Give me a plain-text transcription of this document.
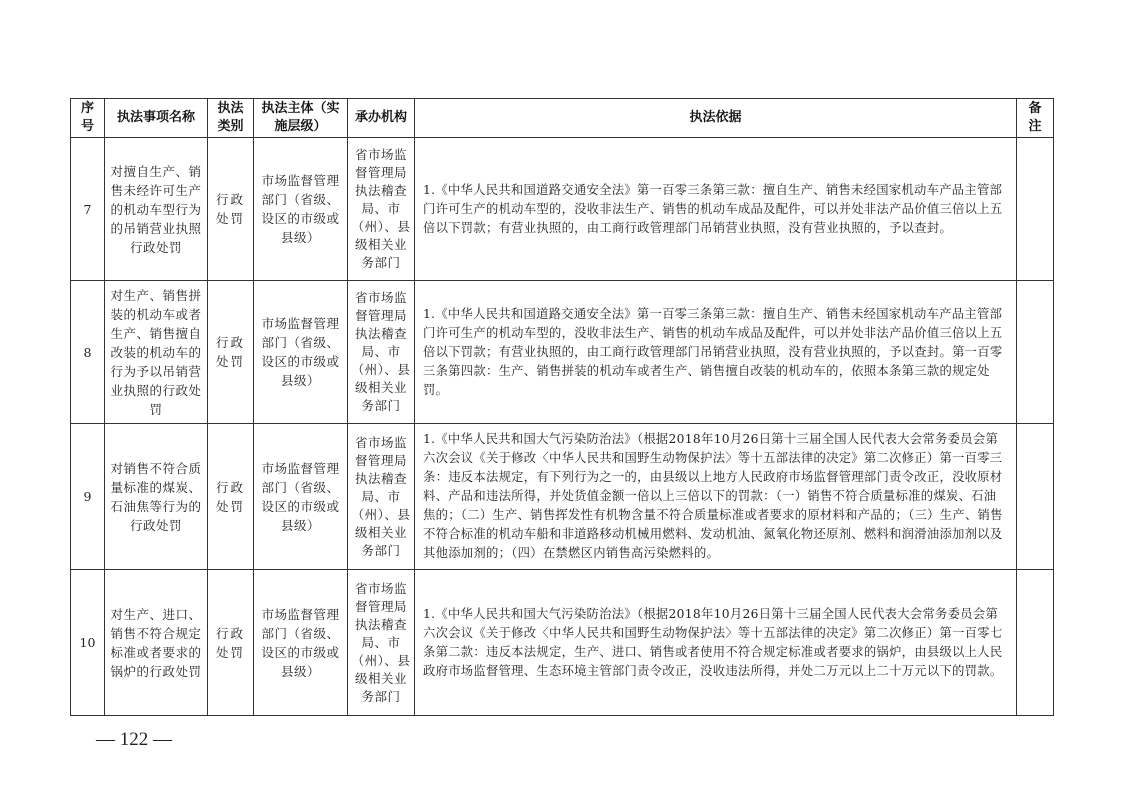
序号	执法事项名称	执法类别	执法主体（实施层级）	承办机构	执法依据	备注
7	对擅自生产、销售未经许可生产的机动车型行为的吊销营业执照行政处罚	行政处罚	市场监督管理部门（省级、设区的市级或县级）	省市场监督管理局执法稽查局、市（州）、县级相关业务部门	1.《中华人民共和国道路交通安全法》第一百零三条第三款：擅自生产、销售未经国家机动车产品主管部门许可生产的机动车型的，没收非法生产、销售的机动车成品及配件，可以并处非法产品价值三倍以上五倍以下罚款；有营业执照的，由工商行政管理部门吊销营业执照，没有营业执照的，予以查封。	
8	对生产、销售拼装的机动车或者生产、销售擅自改装的机动车的行为予以吊销营业执照的行政处罚	行政处罚	市场监督管理部门（省级、设区的市级或县级）	省市场监督管理局执法稽查局、市（州）、县级相关业务部门	1.《中华人民共和国道路交通安全法》第一百零三条第三款：擅自生产、销售未经国家机动车产品主管部门许可生产的机动车型的，没收非法生产、销售的机动车成品及配件，可以并处非法产品价值三倍以上五倍以下罚款；有营业执照的，由工商行政管理部门吊销营业执照，没有营业执照的，予以查封。第一百零三条第四款：生产、销售拼装的机动车或者生产、销售擅自改装的机动车的，依照本条第三款的规定处罚。	
9	对销售不符合质量标准的煤炭、石油焦等行为的行政处罚	行政处罚	市场监督管理部门（省级、设区的市级或县级）	省市场监督管理局执法稽查局、市（州）、县级相关业务部门	1.《中华人民共和国大气污染防治法》（根据2018年10月26日第十三届全国人民代表大会常务委员会第六次会议《关于修改〈中华人民共和国野生动物保护法〉等十五部法律的决定》第二次修正）第一百零三条：违反本法规定，有下列行为之一的，由县级以上地方人民政府市场监督管理部门责令改正，没收原材料、产品和违法所得，并处货值金额一倍以上三倍以下的罚款：（一）销售不符合质量标准的煤炭、石油焦的；（二）生产、销售挥发性有机物含量不符合质量标准或者要求的原材料和产品的；（三）生产、销售不符合标准的机动车船和非道路移动机械用燃料、发动机油、氮氧化物还原剂、燃料和润滑油添加剂以及其他添加剂的；（四）在禁燃区内销售高污染燃料的。	
10	对生产、进口、销售不符合规定标准或者要求的锅炉的行政处罚	行政处罚	市场监督管理部门（省级、设区的市级或县级）	省市场监督管理局执法稽查局、市（州）、县级相关业务部门	1.《中华人民共和国大气污染防治法》（根据2018年10月26日第十三届全国人民代表大会常务委员会第六次会议《关于修改〈中华人民共和国野生动物保护法〉等十五部法律的决定》第二次修正）第一百零七条第二款：违反本法规定，生产、进口、销售或者使用不符合规定标准或者要求的锅炉，由县级以上人民政府市场监督管理、生态环境主管部门责令改正，没收违法所得，并处二万元以上二十万元以下的罚款。	
— 122 —
